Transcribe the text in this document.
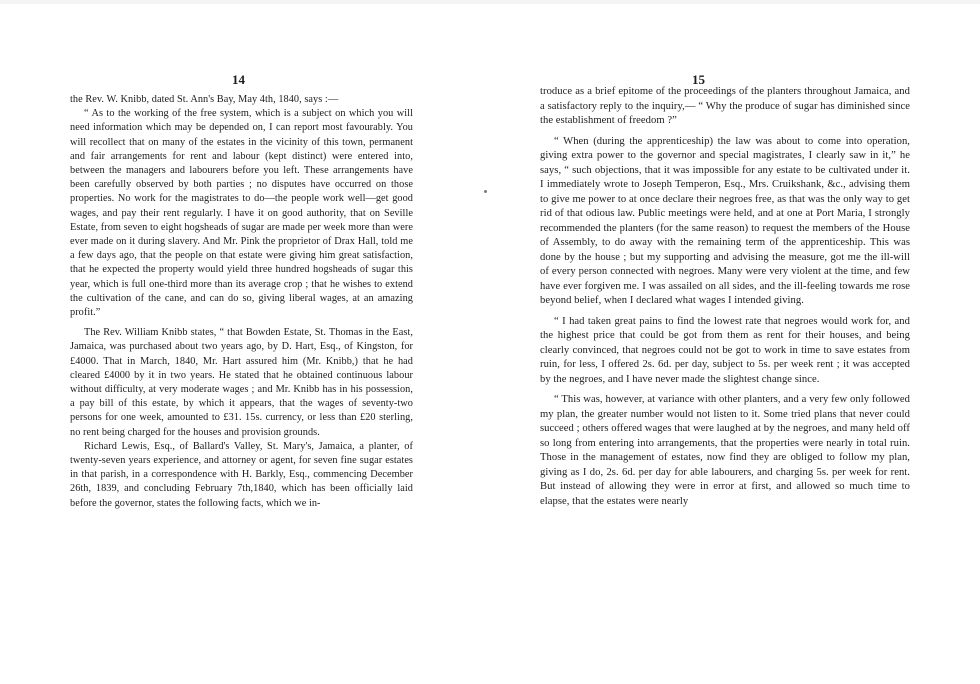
14

the Rev. W. Knibb, dated St. Ann's Bay, May 4th, 1840, says :—

“ As to the working of the free system, which is a subject on which you will need information which may be depended on, I can report most favourably. You will recollect that on many of the estates in the vicinity of this town, permanent and fair arrangements for rent and labour (kept distinct) were entered into, between the managers and labourers before you left. These arrangements have been carefully observed by both parties ; no disputes have occurred on those properties. No work for the magistrates to do—the people work well—get good wages, and pay their rent regularly. I have it on good authority, that on Seville Estate, from seven to eight hogsheads of sugar are made per week more than were ever made on it during slavery. And Mr. Pink the proprietor of Drax Hall, told me a few days ago, that the people on that estate were giving him great satisfaction, that he expected the property would yield three hundred hogsheads of sugar this year, which is full one-third more than its average crop ; that he wishes to extend the cultivation of the cane, and can do so, giving liberal wages, at an amazing profit.”

The Rev. William Knibb states, “ that Bowden Estate, St. Thomas in the East, Jamaica, was purchased about two years ago, by D. Hart, Esq., of Kingston, for £4000. That in March, 1840, Mr. Hart assured him (Mr. Knibb,) that he had cleared £4000 by it in two years. He stated that he obtained continuous labour without difficulty, at very moderate wages ; and Mr. Knibb has in his possession, a pay bill of this estate, by which it appears, that the wages of seventy-two persons for one week, amounted to £31. 15s. currency, or less than £20 sterling, no rent being charged for the houses and provision grounds.

Richard Lewis, Esq., of Ballard's Valley, St. Mary's, Jamaica, a planter, of twenty-seven years experience, and attorney or agent, for seven fine sugar estates in that parish, in a correspondence with H. Barkly, Esq., commencing December 26th, 1839, and concluding February 7th,1840, which has been officially laid before the governor, states the following facts, which we in-

15

troduce as a brief epitome of the proceedings of the planters throughout Jamaica, and a satisfactory reply to the inquiry,— “ Why the produce of sugar has diminished since the establishment of freedom ?”

“ When (during the apprenticeship) the law was about to come into operation, giving extra power to the governor and special magistrates, I clearly saw in it,” he says, “ such objections, that it was impossible for any estate to be cultivated under it. I immediately wrote to Joseph Temperon, Esq., Mrs. Cruikshank, &c., advising them to give me power to at once declare their negroes free, as that was the only way to get rid of that odious law. Public meetings were held, and at one at Port Maria, I strongly recommended the planters (for the same reason) to request the members of the House of Assembly, to do away with the remaining term of the apprenticeship. This was done by the house ; but my supporting and advising the measure, got me the ill-will of every person connected with negroes. Many were very violent at the time, and few have ever forgiven me. I was assailed on all sides, and the ill-feeling towards me rose beyond belief, when I declared what wages I intended giving.

“ I had taken great pains to find the lowest rate that negroes would work for, and the highest price that could be got from them as rent for their houses, and being clearly convinced, that negroes could not be got to work in time to save estates from ruin, for less, I offered 2s. 6d. per day, subject to 5s. per week rent ; it was accepted by the negroes, and I have never made the slightest change since.

“ This was, however, at variance with other planters, and a very few only followed my plan, the greater number would not listen to it. Some tried plans that never could succeed ; others offered wages that were laughed at by the negroes, and many held off so long from entering into arrangements, that the properties were nearly in total ruin. Those in the management of estates, now find they are obliged to follow my plan, giving as I do, 2s. 6d. per day for able labourers, and charging 5s. per week for rent. But instead of allowing they were in error at first, and allowed so much time to elapse, that the estates were nearly
